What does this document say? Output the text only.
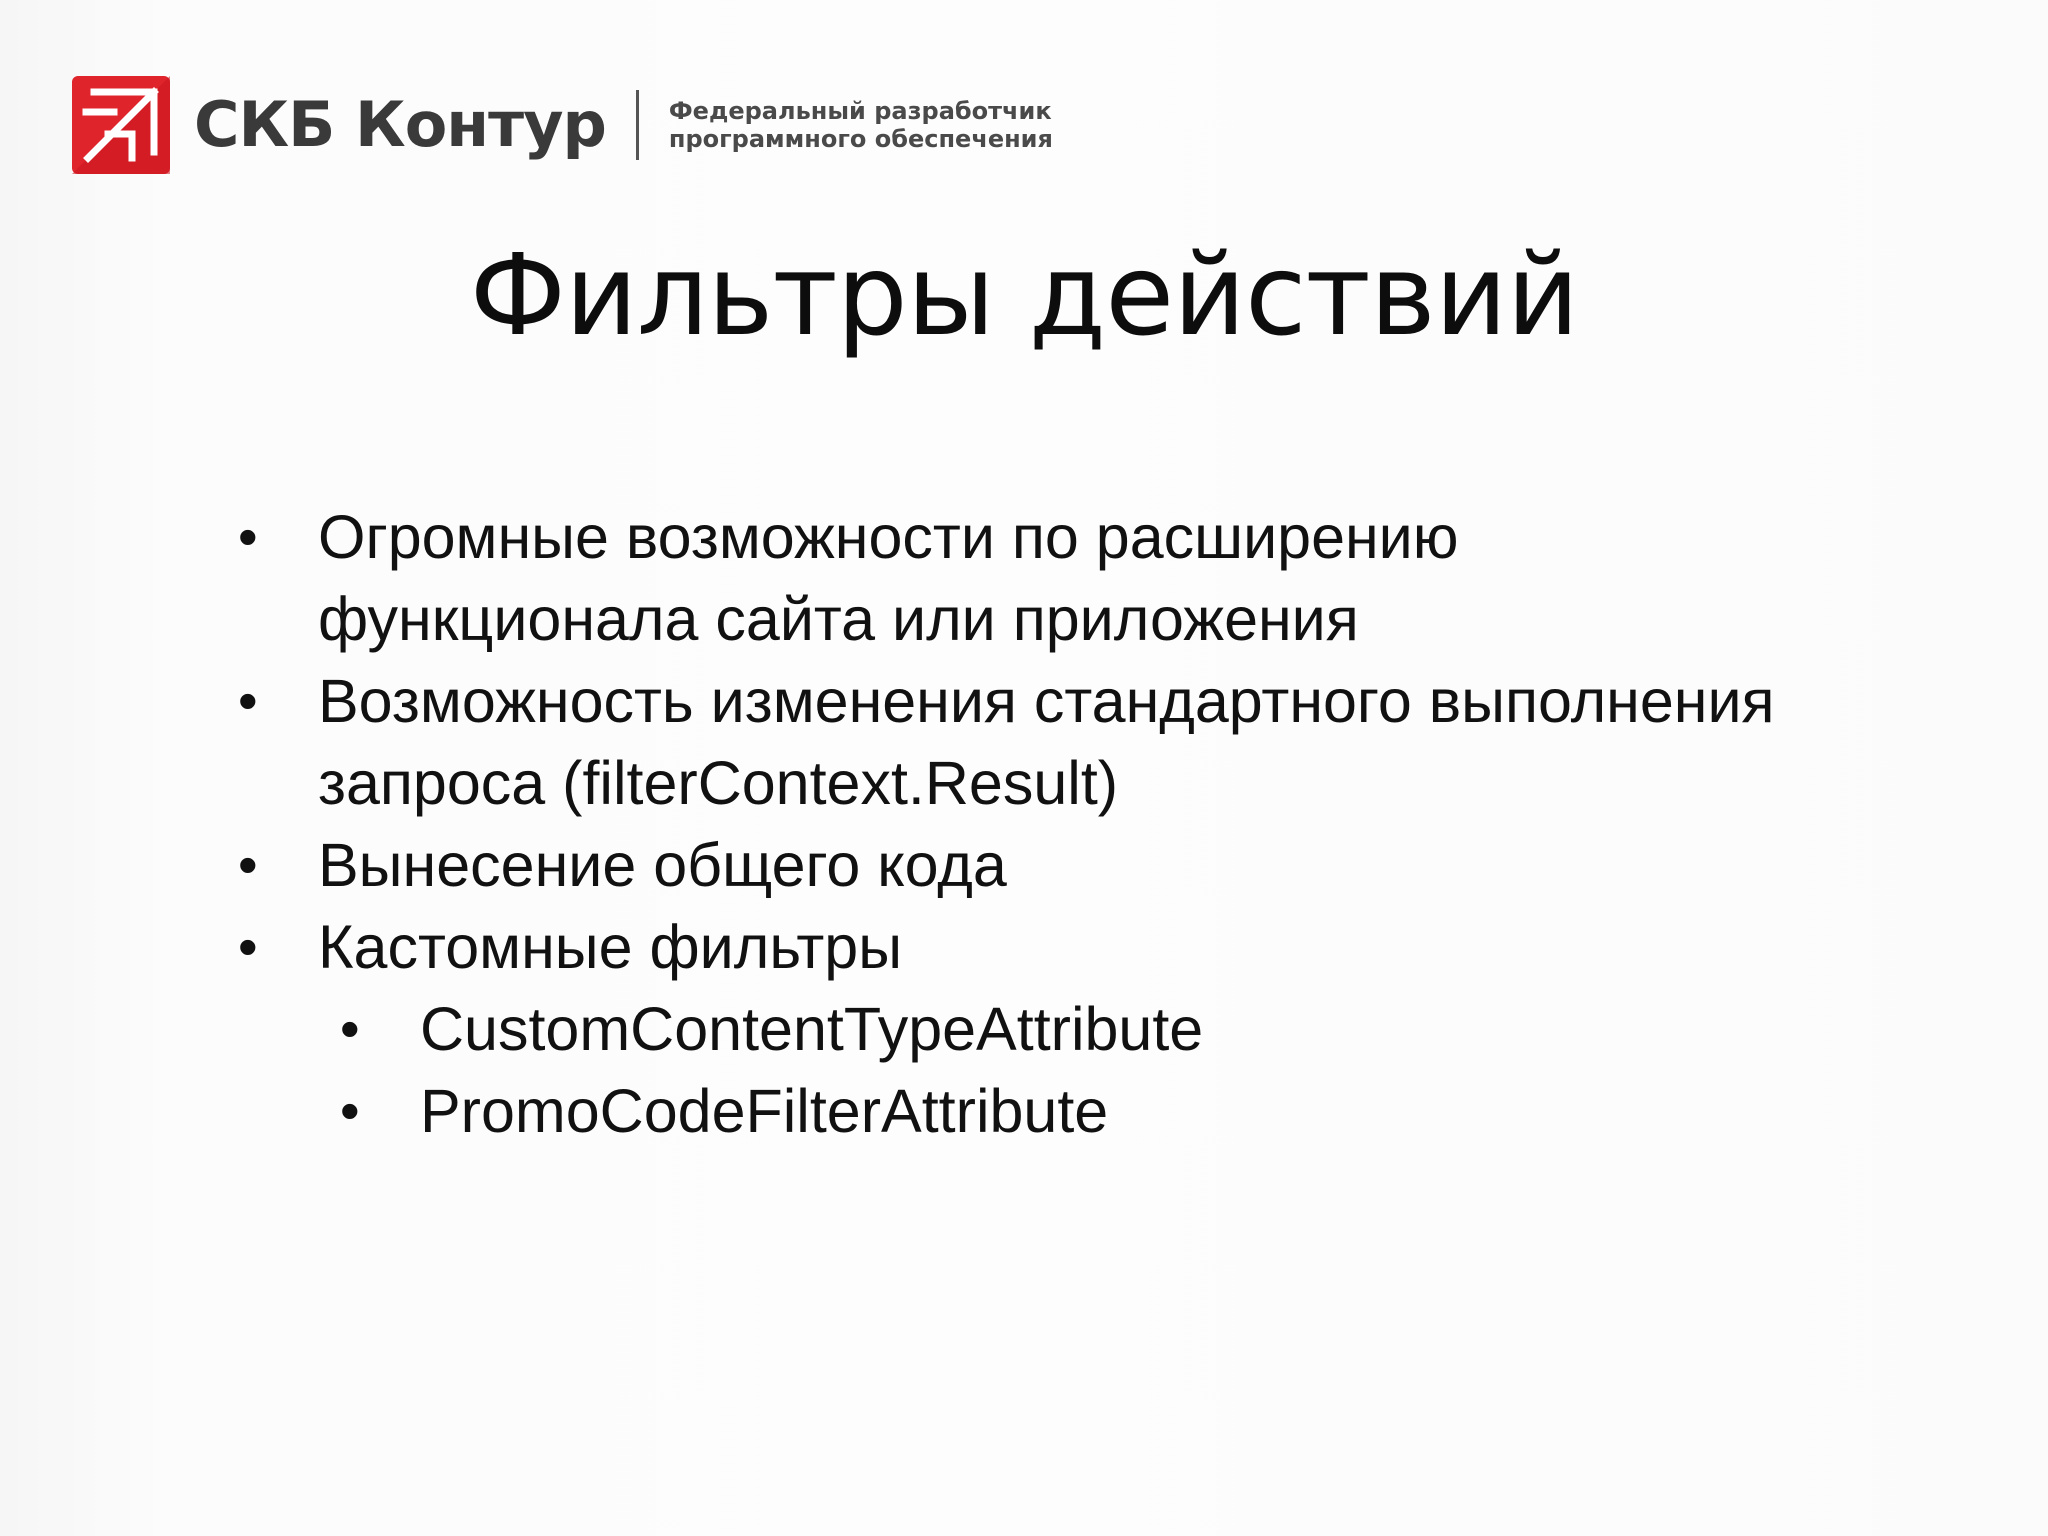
СКБ Контур	Федеральный разработчик
программного обеспечения
Фильтры действий
• Огромные возможности по расширению
функционала сайта или приложения
• Возможность изменения стандартного выполнения
запроса (filterContext.Result)
• Вынесение общего кода
• Кастомные фильтры
• CustomContentTypeAttribute
• PromoCodeFilterAttribute
